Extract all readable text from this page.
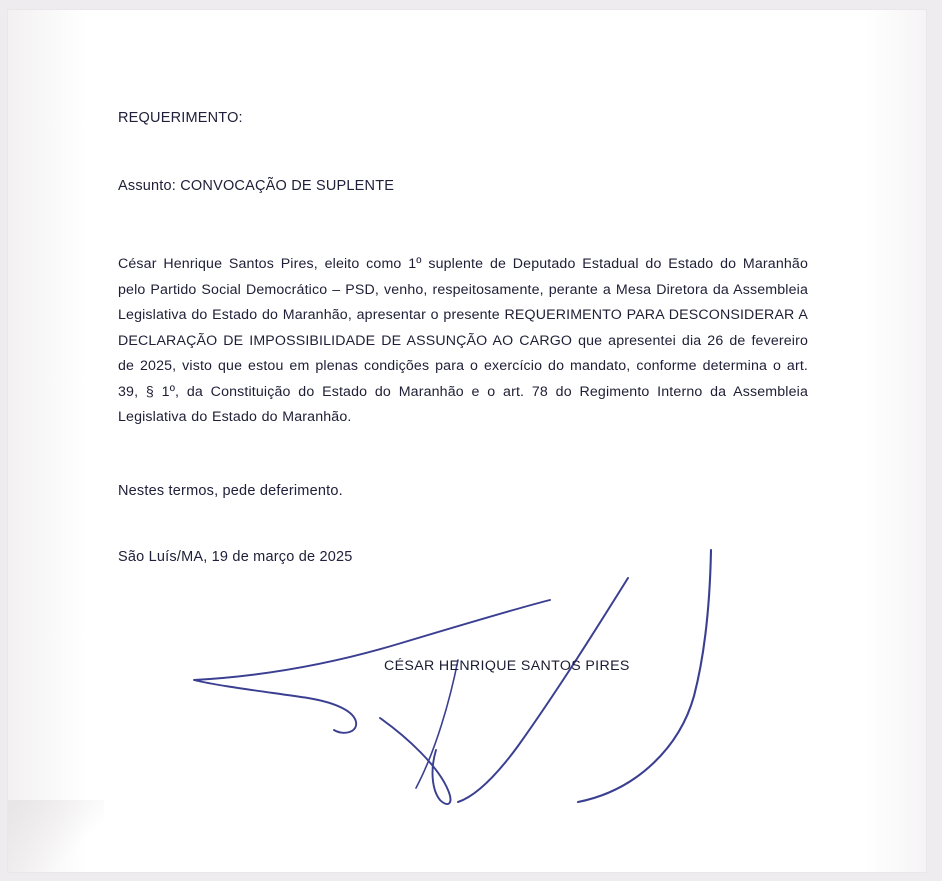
REQUERIMENTO:

Assunto: CONVOCAÇÃO DE SUPLENTE

César Henrique Santos Pires, eleito como 1º suplente de Deputado Estadual do Estado do Maranhão pelo Partido Social Democrático – PSD, venho, respeitosamente, perante a Mesa Diretora da Assembleia Legislativa do Estado do Maranhão, apresentar o presente REQUERIMENTO PARA DESCONSIDERAR A DECLARAÇÃO DE IMPOSSIBILIDADE DE ASSUNÇÃO AO CARGO que apresentei dia 26 de fevereiro de 2025, visto que estou em plenas condições para o exercício do mandato, conforme determina o art. 39, § 1º, da Constituição do Estado do Maranhão e o art. 78 do Regimento Interno da Assembleia Legislativa do Estado do Maranhão.

Nestes termos, pede deferimento.

São Luís/MA, 19 de março de 2025

CÉSAR HENRIQUE SANTOS PIRES
